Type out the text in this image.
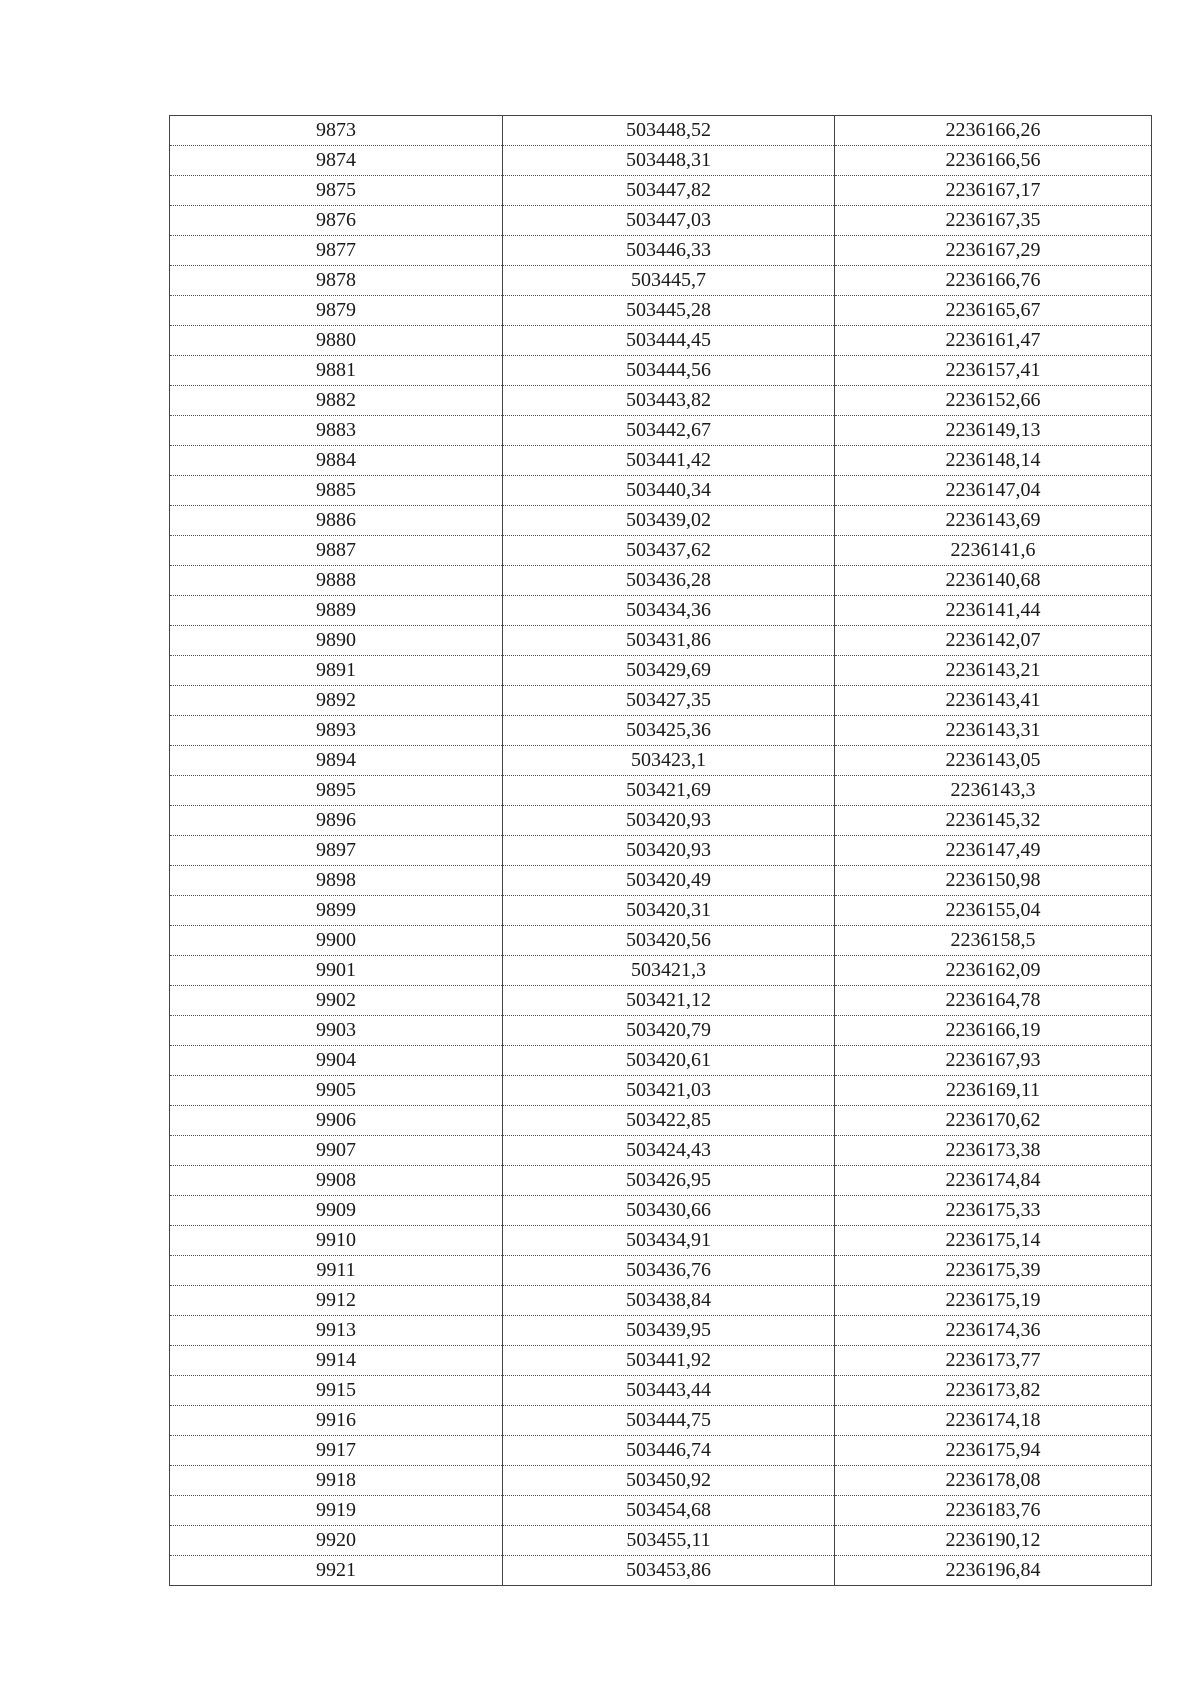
9873	503448,52	2236166,26
9874	503448,31	2236166,56
9875	503447,82	2236167,17
9876	503447,03	2236167,35
9877	503446,33	2236167,29
9878	503445,7	2236166,76
9879	503445,28	2236165,67
9880	503444,45	2236161,47
9881	503444,56	2236157,41
9882	503443,82	2236152,66
9883	503442,67	2236149,13
9884	503441,42	2236148,14
9885	503440,34	2236147,04
9886	503439,02	2236143,69
9887	503437,62	2236141,6
9888	503436,28	2236140,68
9889	503434,36	2236141,44
9890	503431,86	2236142,07
9891	503429,69	2236143,21
9892	503427,35	2236143,41
9893	503425,36	2236143,31
9894	503423,1	2236143,05
9895	503421,69	2236143,3
9896	503420,93	2236145,32
9897	503420,93	2236147,49
9898	503420,49	2236150,98
9899	503420,31	2236155,04
9900	503420,56	2236158,5
9901	503421,3	2236162,09
9902	503421,12	2236164,78
9903	503420,79	2236166,19
9904	503420,61	2236167,93
9905	503421,03	2236169,11
9906	503422,85	2236170,62
9907	503424,43	2236173,38
9908	503426,95	2236174,84
9909	503430,66	2236175,33
9910	503434,91	2236175,14
9911	503436,76	2236175,39
9912	503438,84	2236175,19
9913	503439,95	2236174,36
9914	503441,92	2236173,77
9915	503443,44	2236173,82
9916	503444,75	2236174,18
9917	503446,74	2236175,94
9918	503450,92	2236178,08
9919	503454,68	2236183,76
9920	503455,11	2236190,12
9921	503453,86	2236196,84
